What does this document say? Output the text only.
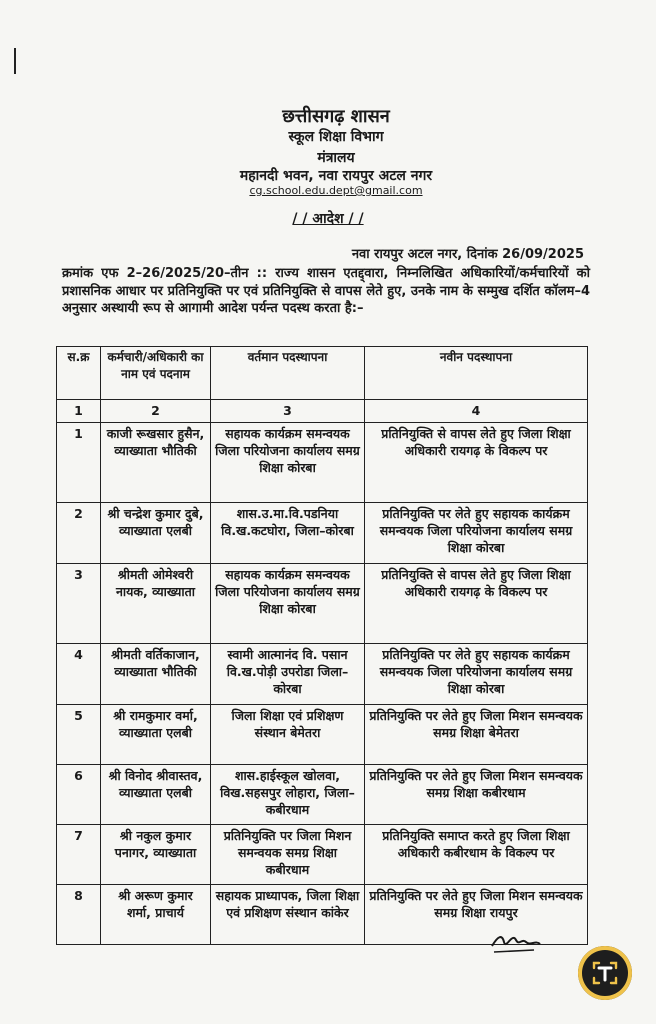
छत्तीसगढ़ शासन
स्कूल शिक्षा विभाग
मंत्रालय
महानदी भवन, नवा रायपुर अटल नगर
cg.school.edu.dept@gmail.com
/ / आदेश / /
नवा रायपुर अटल नगर, दिनांक 26/09/2025
क्रमांक एफ 2–26/2025/20–तीन :: राज्य शासन एतद्द्वारा, निम्नलिखित अधिकारियों/कर्मचारियों को प्रशासनिक आधार पर प्रतिनियुक्ति पर एवं प्रतिनियुक्ति से वापस लेते हुए, उनके नाम के सम्मुख दर्शित कॉलम–4 अनुसार अस्थायी रूप से आगामी आदेश पर्यन्त पदस्थ करता है:–
स.क्र	कर्मचारी/अधिकारी का नाम एवं पदनाम	वर्तमान पदस्थापना	नवीन पदस्थापना
1	2	3	4
1	काजी रूखसार हुसैन, व्याख्याता भौतिकी	सहायक कार्यक्रम समन्वयक जिला परियोजना कार्यालय समग्र शिक्षा कोरबा	प्रतिनियुक्ति से वापस लेते हुए जिला शिक्षा अधिकारी रायगढ़ के विकल्प पर
2	श्री चन्द्रेश कुमार दुबे, व्याख्याता एलबी	शास.उ.मा.वि.पडनिया वि.ख.कटघोरा, जिला–कोरबा	प्रतिनियुक्ति पर लेते हुए सहायक कार्यक्रम समन्वयक जिला परियोजना कार्यालय समग्र शिक्षा कोरबा
3	श्रीमती ओमेश्वरी नायक, व्याख्याता	सहायक कार्यक्रम समन्वयक जिला परियोजना कार्यालय समग्र शिक्षा कोरबा	प्रतिनियुक्ति से वापस लेते हुए जिला शिक्षा अधिकारी रायगढ़ के विकल्प पर
4	श्रीमती वर्तिकाजान, व्याख्याता भौतिकी	स्वामी आत्मानंद वि. पसान वि.ख.पोड़ी उपरोडा जिला–कोरबा	प्रतिनियुक्ति पर लेते हुए सहायक कार्यक्रम समन्वयक जिला परियोजना कार्यालय समग्र शिक्षा कोरबा
5	श्री रामकुमार वर्मा, व्याख्याता एलबी	जिला शिक्षा एवं प्रशिक्षण संस्थान बेमेतरा	प्रतिनियुक्ति पर लेते हुए जिला मिशन समन्वयक समग्र शिक्षा बेमेतरा
6	श्री विनोद श्रीवास्तव, व्याख्याता एलबी	शास.हाईस्कूल खोलवा, विख.सहसपुर लोहारा, जिला–कबीरधाम	प्रतिनियुक्ति पर लेते हुए जिला मिशन समन्वयक समग्र शिक्षा कबीरधाम
7	श्री नकुल कुमार पनागर, व्याख्याता	प्रतिनियुक्ति पर जिला मिशन समन्वयक समग्र शिक्षा कबीरधाम	प्रतिनियुक्ति समाप्त करते हुए जिला शिक्षा अधिकारी कबीरधाम के विकल्प पर
8	श्री अरूण कुमार शर्मा, प्राचार्य	सहायक प्राध्यापक, जिला शिक्षा एवं प्रशिक्षण संस्थान कांकेर	प्रतिनियुक्ति पर लेते हुए जिला मिशन समन्वयक समग्र शिक्षा रायपुर
